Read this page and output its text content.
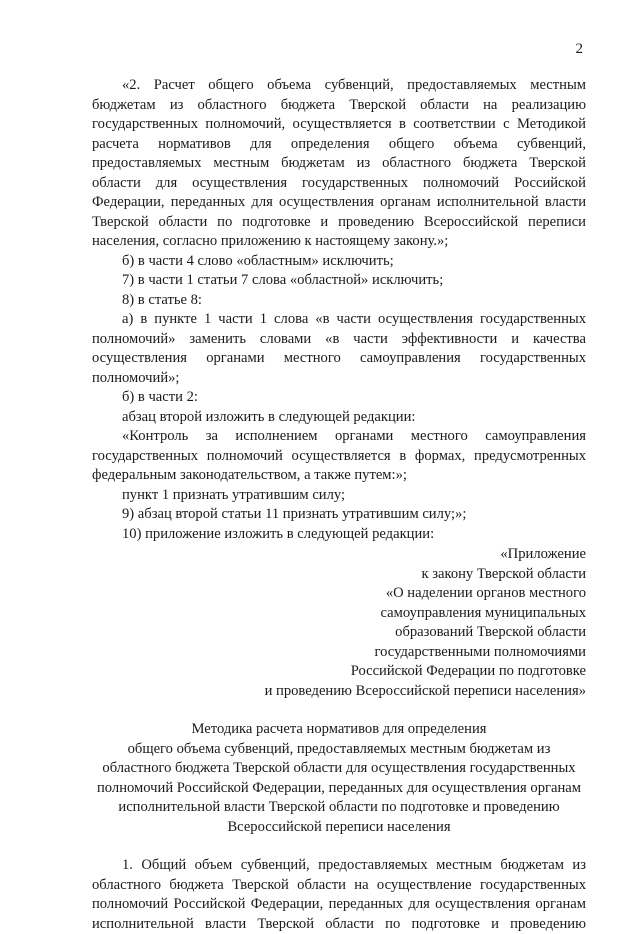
2

«2. Расчет общего объема субвенций, предоставляемых местным бюджетам из областного бюджета Тверской области на реализацию государственных полномочий, осуществляется в соответствии с Методикой расчета нормативов для определения общего объема субвенций, предоставляемых местным бюджетам из областного бюджета Тверской области для осуществления государственных полномочий Российской Федерации, переданных для осуществления органам исполнительной власти Тверской области по подготовке и проведению Всероссийской переписи населения, согласно приложению к настоящему закону.»;

б) в части 4 слово «областным» исключить;

7) в части 1 статьи 7 слова «областной» исключить;

8) в статье 8:

а) в пункте 1 части 1 слова «в части осуществления государственных полномочий» заменить словами «в части эффективности и качества осуществления органами местного самоуправления государственных полномочий»;

б) в части 2:

абзац второй изложить в следующей редакции:

«Контроль за исполнением органами местного самоуправления государственных полномочий осуществляется в формах, предусмотренных федеральным законодательством, а также путем:»;

пункт 1 признать утратившим силу;

9) абзац второй статьи 11 признать утратившим силу;»;

10) приложение изложить в следующей редакции:

«Приложение
к закону Тверской области
«О наделении органов местного
самоуправления муниципальных
образований Тверской области
государственными полномочиями
Российской Федерации по подготовке
и проведению Всероссийской переписи населения»
Методика расчета нормативов для определения
общего объема субвенций, предоставляемых местным бюджетам из
областного бюджета Тверской области для осуществления государственных
полномочий Российской Федерации, переданных для осуществления органам
исполнительной власти Тверской области по подготовке и проведению
Всероссийской переписи населения

1. Общий объем субвенций, предоставляемых местным бюджетам из областного бюджета Тверской области на осуществление государственных полномочий Российской Федерации, переданных для осуществления органам исполнительной власти Тверской области по подготовке и проведению
